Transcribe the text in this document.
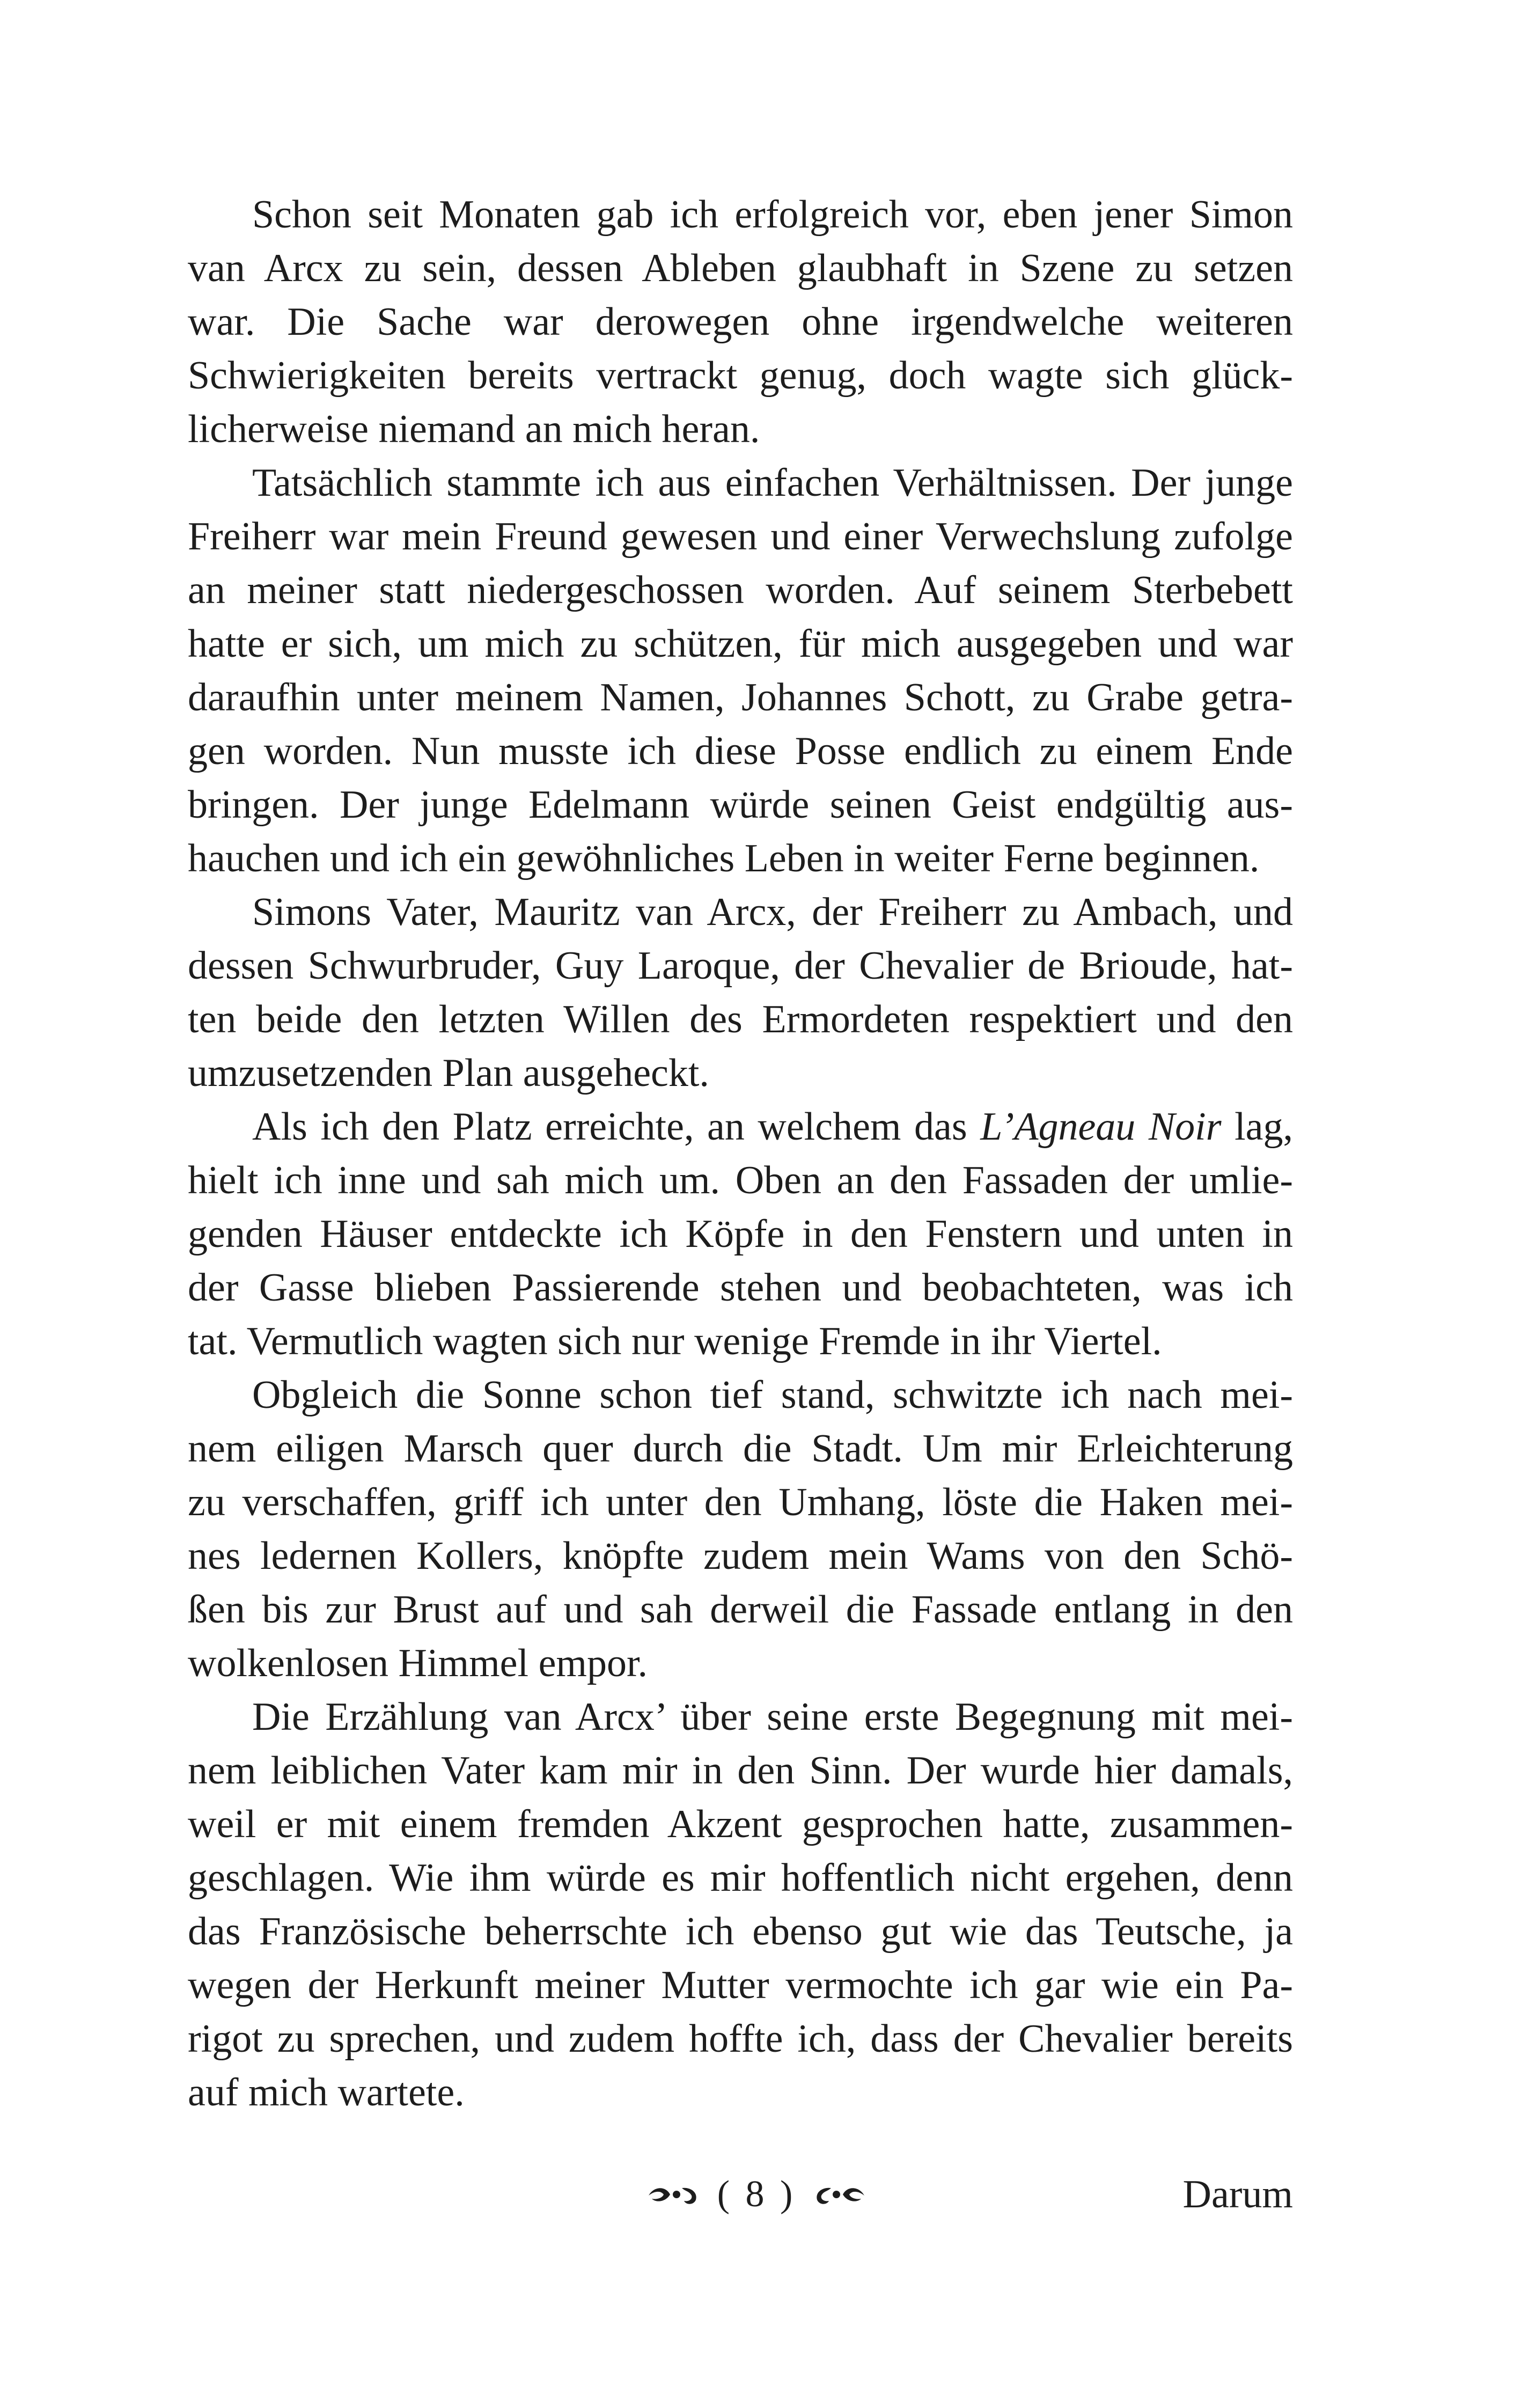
Schon seit Monaten gab ich erfolgreich vor, eben jener Simon
van Arcx zu sein, dessen Ableben glaubhaft in Szene zu setzen
war. Die Sache war derowegen ohne irgendwelche weiteren
Schwierigkeiten bereits vertrackt genug, doch wagte sich glück-
licherweise niemand an mich heran.
Tatsächlich stammte ich aus einfachen Verhältnissen. Der junge
Freiherr war mein Freund gewesen und einer Verwechslung zufolge
an meiner statt niedergeschossen worden. Auf seinem Sterbebett
hatte er sich, um mich zu schützen, für mich ausgegeben und war
daraufhin unter meinem Namen, Johannes Schott, zu Grabe getra-
gen worden. Nun musste ich diese Posse endlich zu einem Ende
bringen. Der junge Edelmann würde seinen Geist endgültig aus-
hauchen und ich ein gewöhnliches Leben in weiter Ferne beginnen.
Simons Vater, Mauritz van Arcx, der Freiherr zu Ambach, und
dessen Schwurbruder, Guy Laroque, der Chevalier de Brioude, hat-
ten beide den letzten Willen des Ermordeten respektiert und den
umzusetzenden Plan ausgeheckt.
Als ich den Platz erreichte, an welchem das L’Agneau Noir lag,
hielt ich inne und sah mich um. Oben an den Fassaden der umlie-
genden Häuser entdeckte ich Köpfe in den Fenstern und unten in
der Gasse blieben Passierende stehen und beobachteten, was ich
tat. Vermutlich wagten sich nur wenige Fremde in ihr Viertel.
Obgleich die Sonne schon tief stand, schwitzte ich nach mei-
nem eiligen Marsch quer durch die Stadt. Um mir Erleichterung
zu verschaffen, griff ich unter den Umhang, löste die Haken mei-
nes ledernen Kollers, knöpfte zudem mein Wams von den Schö-
ßen bis zur Brust auf und sah derweil die Fassade entlang in den
wolkenlosen Himmel empor.
Die Erzählung van Arcx’ über seine erste Begegnung mit mei-
nem leiblichen Vater kam mir in den Sinn. Der wurde hier damals,
weil er mit einem fremden Akzent gesprochen hatte, zusammen-
geschlagen. Wie ihm würde es mir hoffentlich nicht ergehen, denn
das Französische beherrschte ich ebenso gut wie das Teutsche, ja
wegen der Herkunft meiner Mutter vermochte ich gar wie ein Pa-
rigot zu sprechen, und zudem hoffte ich, dass der Chevalier bereits
auf mich wartete.
( 8 )	Darum
